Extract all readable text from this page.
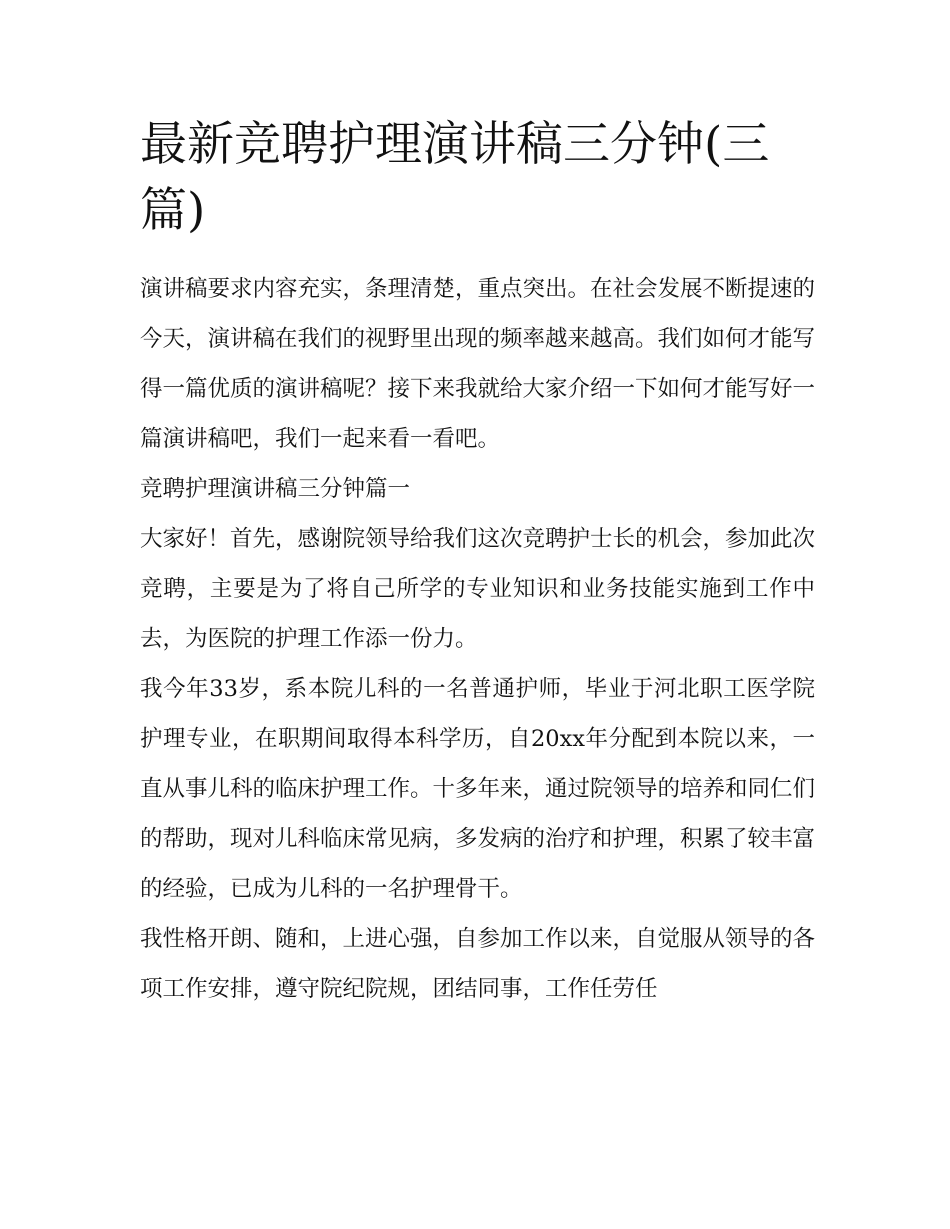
最新竞聘护理演讲稿三分钟(三篇)

演讲稿要求内容充实，条理清楚，重点突出。在社会发展不断提速的今天，演讲稿在我们的视野里出现的频率越来越高。我们如何才能写得一篇优质的演讲稿呢？接下来我就给大家介绍一下如何才能写好一篇演讲稿吧，我们一起来看一看吧。

竞聘护理演讲稿三分钟篇一

大家好！首先，感谢院领导给我们这次竞聘护士长的机会，参加此次竞聘，主要是为了将自己所学的专业知识和业务技能实施到工作中去，为医院的护理工作添一份力。

我今年33岁，系本院儿科的一名普通护师，毕业于河北职工医学院护理专业，在职期间取得本科学历，自20xx年分配到本院以来，一直从事儿科的临床护理工作。十多年来，通过院领导的培养和同仁们的帮助，现对儿科临床常见病，多发病的治疗和护理，积累了较丰富的经验，已成为儿科的一名护理骨干。

我性格开朗、随和，上进心强，自参加工作以来，自觉服从领导的各项工作安排，遵守院纪院规，团结同事，工作任劳任
